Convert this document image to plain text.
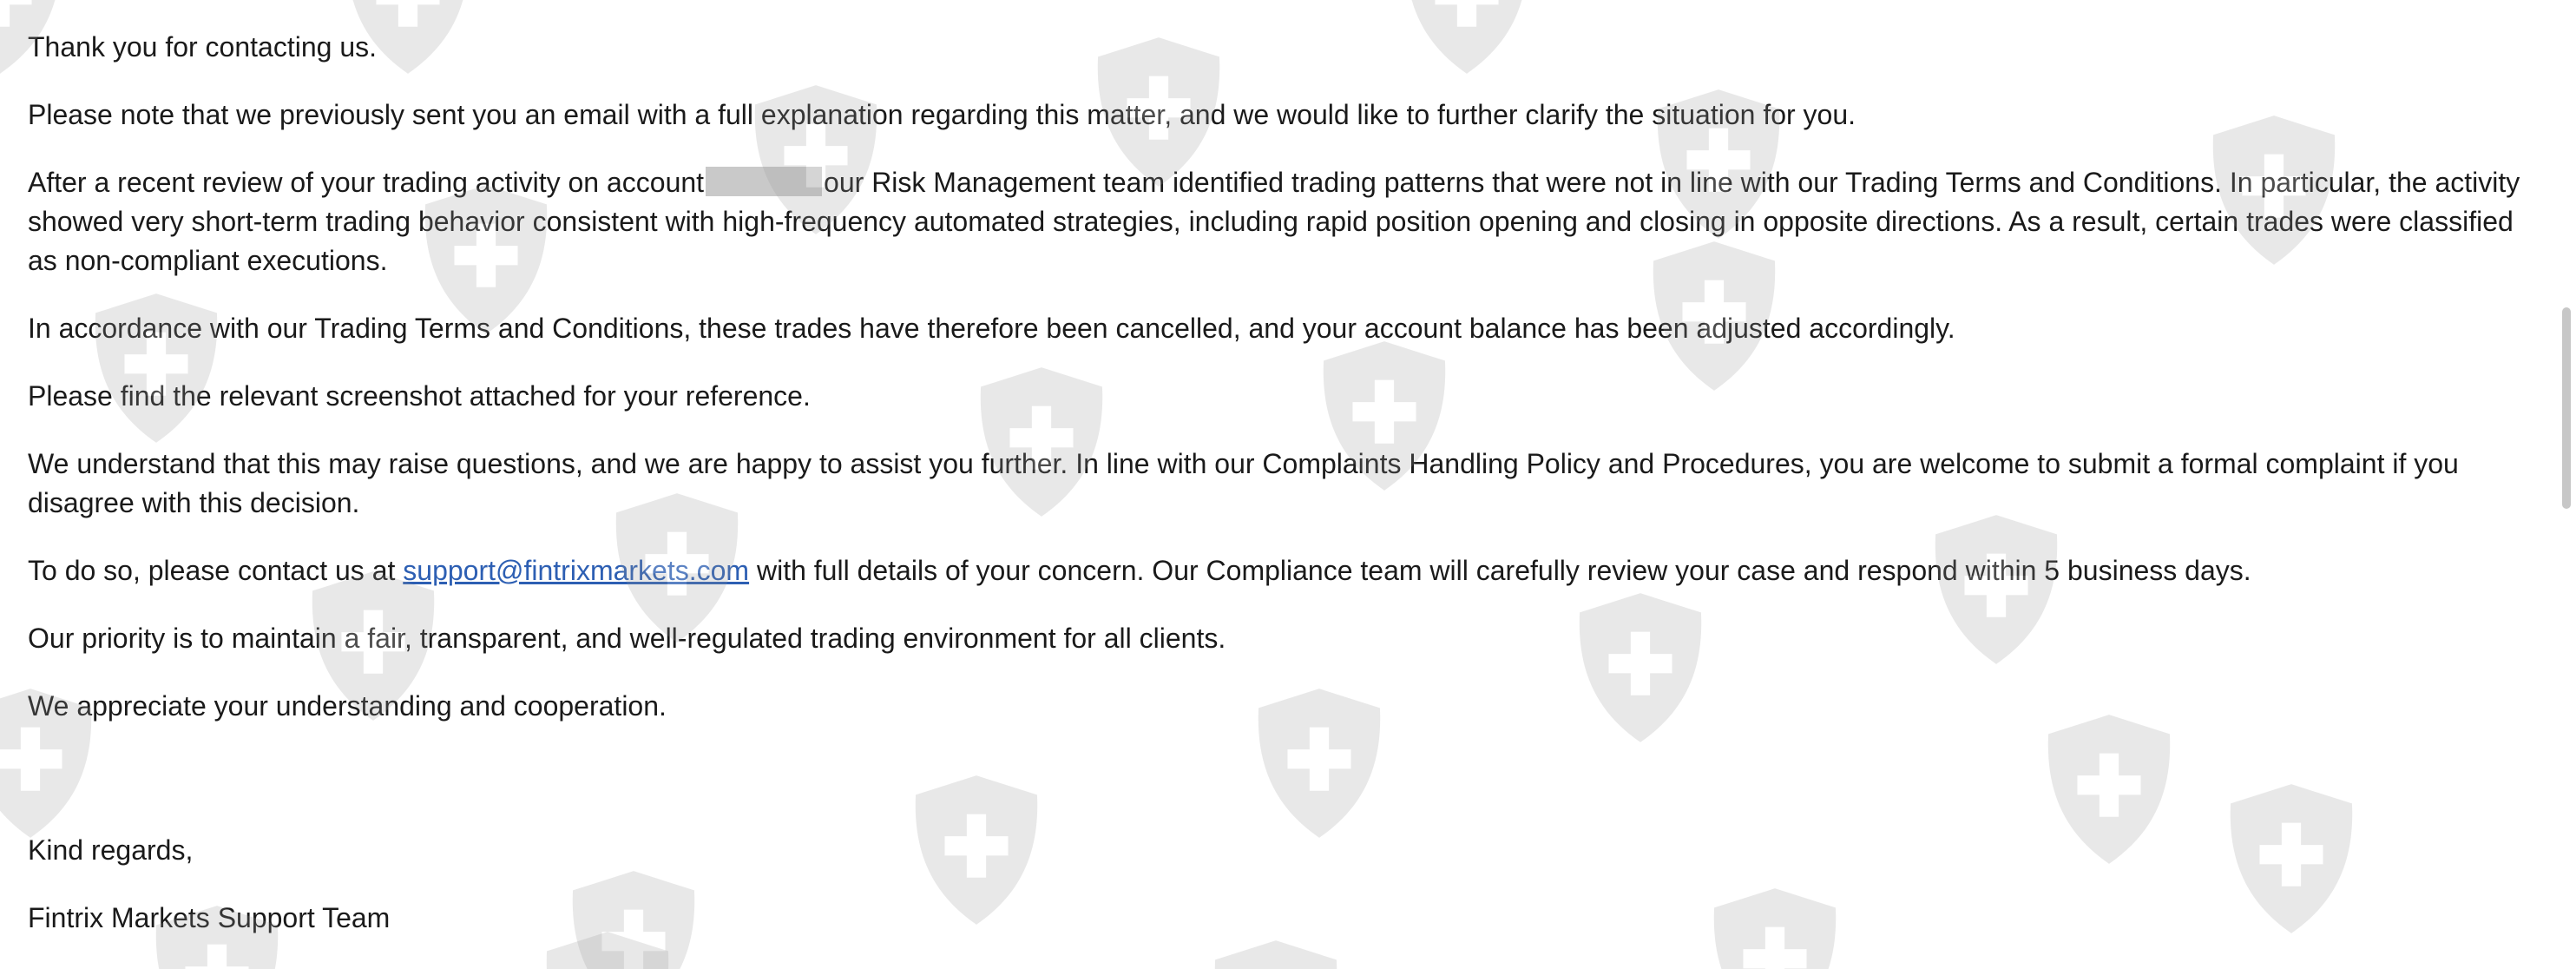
Thank you for contacting us.

Please note that we previously sent you an email with a full explanation regarding this matter, and we would like to further clarify the situation for you.

After a recent review of your trading activity on account	our Risk Management team identified trading patterns that were not in line with our Trading Terms and Conditions. In particular, the activity showed very short-term trading behavior consistent with high-frequency automated strategies, including rapid position opening and closing in opposite directions. As a result, certain trades were classified as non-compliant executions.

In accordance with our Trading Terms and Conditions, these trades have therefore been cancelled, and your account balance has been adjusted accordingly.

Please find the relevant screenshot attached for your reference.

We understand that this may raise questions, and we are happy to assist you further. In line with our Complaints Handling Policy and Procedures, you are welcome to submit a formal complaint if you disagree with this decision.

To do so, please contact us at support@fintrixmarkets.com with full details of your concern. Our Compliance team will carefully review your case and respond within 5 business days.

Our priority is to maintain a fair, transparent, and well-regulated trading environment for all clients.

We appreciate your understanding and cooperation.

Kind regards,

Fintrix Markets Support Team
